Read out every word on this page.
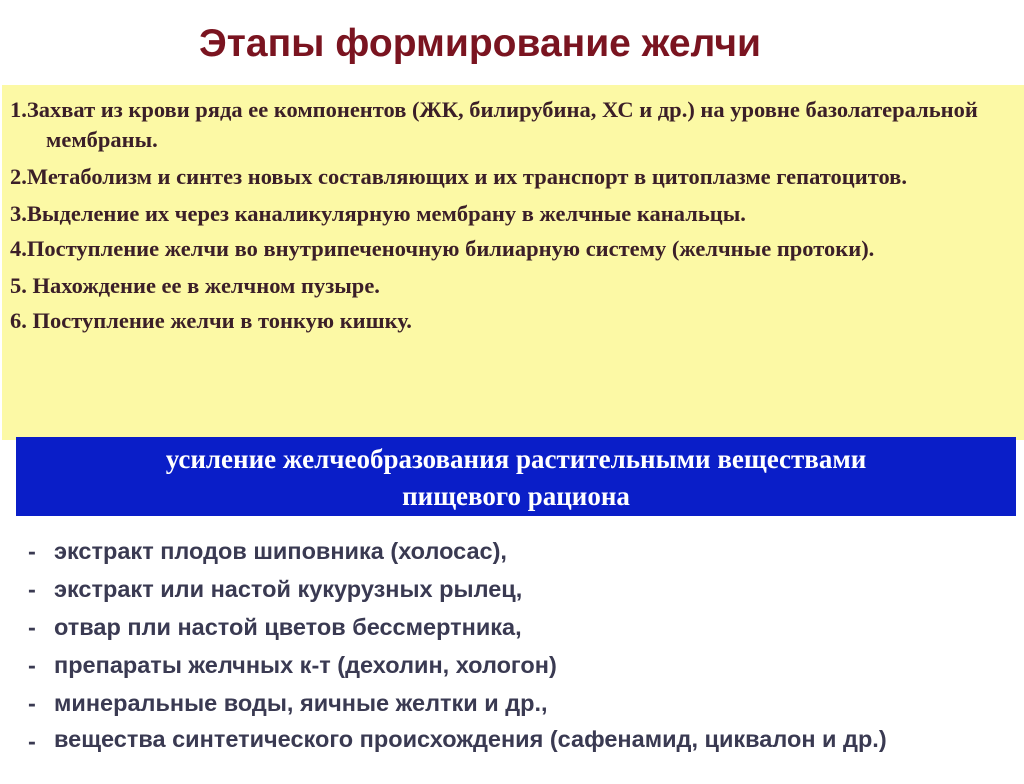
Этапы формирование желчи
1.Захват из крови ряда ее компонентов (ЖК, билирубина, ХС и др.) на уровне базолатеральной мембраны.
2.Метаболизм и синтез новых составляющих и их транспорт в цитоплазме гепатоцитов.
3.Выделение их через каналикулярную мембрану в желчные канальцы.
4.Поступление желчи во внутрипеченочную билиарную систему (желчные протоки).
5. Нахождение ее в желчном пузыре.
6. Поступление желчи в тонкую кишку.
усиление желчеобразования растительными веществами
пищевого рациона
- экстракт плодов шиповника (холосас),
- экстракт или настой кукурузных рылец,
- отвар пли настой цветов бессмертника,
- препараты желчных к-т (дехолин, хологон)
- минеральные воды, яичные желтки и др.,
- вещества синтетического происхождения (сафенамид, циквалон и др.)
